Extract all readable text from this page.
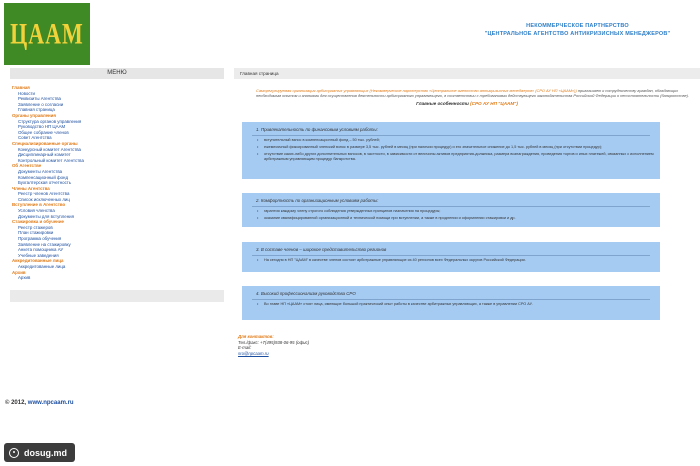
ЦААМ	НЕКОММЕРЧЕСКОЕ ПАРТНЕРСТВО
"ЦЕНТРАЛЬНОЕ АГЕНТСТВО АНТИКРИЗИСНЫХ МЕНЕДЖЕРОВ"
МЕНЮ
Главная
Новости
Реквизиты Агентства
Заявление о согласии
Главная страница
Органы управления
Структура органов управления
Руководство НП ЦААМ
Общее собрание членов
Совет Агентства
Специализированные органы
Конкурсный комитет Агентства
Дисциплинарный комитет
Контрольный комитет Агентства
Об Агентстве
Документы Агентства
Компенсационный фонд
Бухгалтерская отчетность
Члены Агентства
Реестр членов Агентства
Список исключенных лиц
Вступление в Агентство
Условия членства
Документы для вступления
Стажировка и обучение
Реестр стажеров
План стажировки
Программа обучения
Заявление на стажировку
Анкета помощника АУ
Учебные заведения
Аккредитованные лица
Аккредитованные лица
Архив
Архив
Главная страница
Саморегулируемая организация арбитражных управляющих (Некоммерческое партнерство «Центральное агентство антикризисных менеджеров» (СРО АУ НП «ЦААМ»)) приглашает к сотрудничеству граждан, обладающих необходимым опытом и знаниями для осуществления деятельности арбитражного управляющего, в соответствии с требованиями действующего законодательства Российской Федерации о несостоятельности (банкротстве).
Главные особенности (СРО АУ НП "ЦААМ")
1. Привлекательность по финансовым условиям работы:
• вступительный взнос в компенсационный фонд – 50 тыс. рублей;
• ежемесячный фиксированный членский взнос в размере 3,5 тыс. рублей в месяц (при наличии процедур) и его значительное снижение до 1,5 тыс. рублей в месяц (при отсутствии процедур);
• отсутствие каких-либо других дополнительных взносов, в частности, в зависимости от величины активов предприятия-должника, размера вознаграждения, проведения торгов и иных платежей, связанных с исполнением арбитражным управляющим процедур банкротства.
2. Комфортность по организационным условиям работы:
• гарантия каждому члену строгого соблюдения утвержденных принципов назначения на процедуры;
• оказание квалифицированной организационной и технической помощи при вступлении, а также в продлении и оформлении стажировки и др.
3. В составе членов – широкое представительство регионов
• На сегодня в НП "ЦААМ" в качестве членов состоят арбитражные управляющие из 40 регионов всех Федеральных округов Российской Федерации.
4. Высокий профессионализм руководства СРО
• Во главе НП «ЦААМ» стоят лица, имеющие большой практический опыт работы в качестве арбитражных управляющих, а также в управлении СРО АУ.
Для контактов:
Тел./факс: +7(495)938-06-95 (офис)
E-mail:
sro@npcaam.ru
© 2012, www.npcaam.ru
dosug.md
